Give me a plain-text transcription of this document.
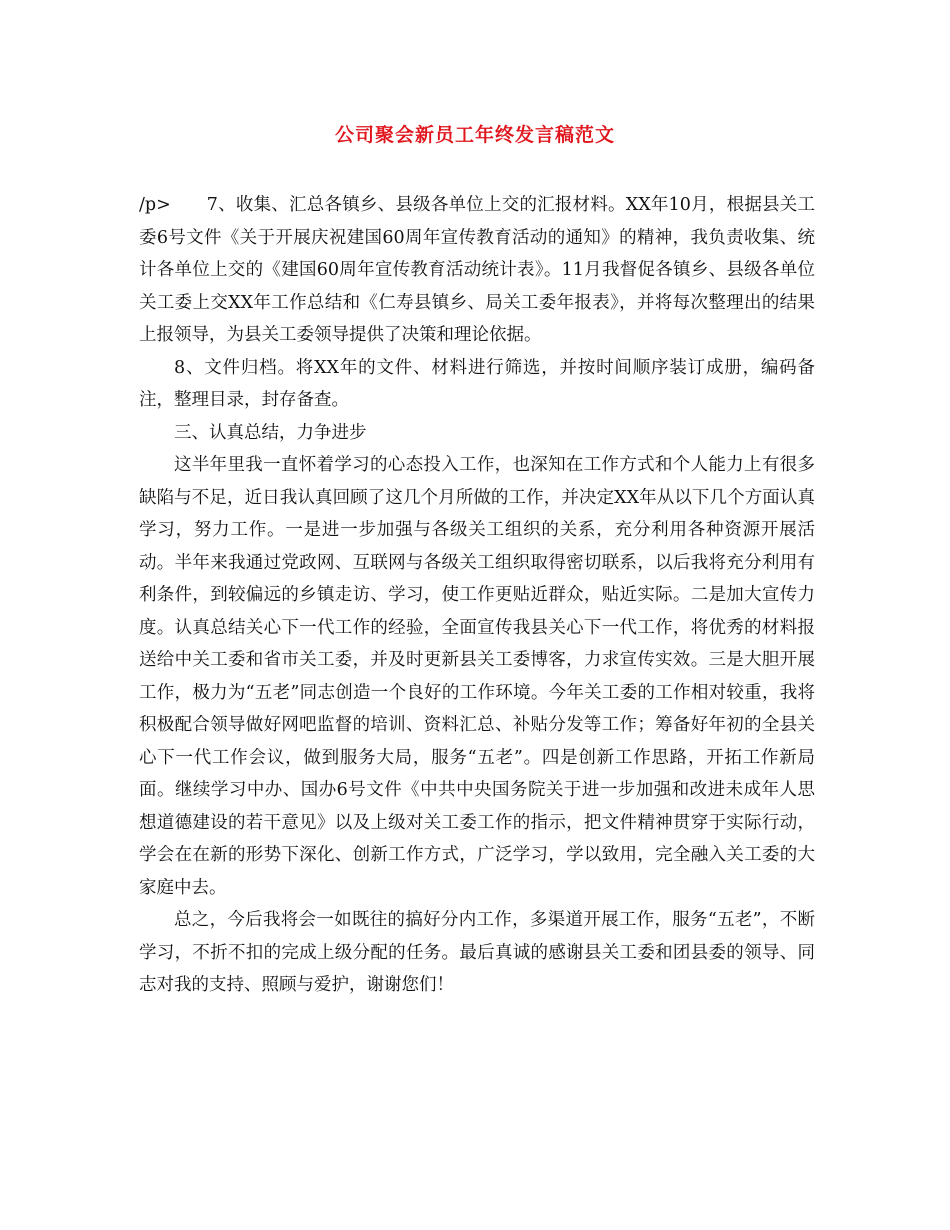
公司聚会新员工年终发言稿范文

/p> 7、收集、汇总各镇乡、县级各单位上交的汇报材料。XX年10月，根据县关工委6号文件《关于开展庆祝建国60周年宣传教育活动的通知》的精神，我负责收集、统计各单位上交的《建国60周年宣传教育活动统计表》。11月我督促各镇乡、县级各单位关工委上交XX年工作总结和《仁寿县镇乡、局关工委年报表》，并将每次整理出的结果上报领导，为县关工委领导提供了决策和理论依据。

8、文件归档。将XX年的文件、材料进行筛选，并按时间顺序装订成册，编码备注，整理目录，封存备查。

三、认真总结，力争进步

这半年里我一直怀着学习的心态投入工作，也深知在工作方式和个人能力上有很多缺陷与不足，近日我认真回顾了这几个月所做的工作，并决定XX年从以下几个方面认真学习，努力工作。一是进一步加强与各级关工组织的关系，充分利用各种资源开展活动。半年来我通过党政网、互联网与各级关工组织取得密切联系，以后我将充分利用有利条件，到较偏远的乡镇走访、学习，使工作更贴近群众，贴近实际。二是加大宣传力度。认真总结关心下一代工作的经验，全面宣传我县关心下一代工作，将优秀的材料报送给中关工委和省市关工委，并及时更新县关工委博客，力求宣传实效。三是大胆开展工作，极力为“五老”同志创造一个良好的工作环境。今年关工委的工作相对较重，我将积极配合领导做好网吧监督的培训、资料汇总、补贴分发等工作；筹备好年初的全县关心下一代工作会议，做到服务大局，服务“五老”。四是创新工作思路，开拓工作新局面。继续学习中办、国办6号文件《中共中央国务院关于进一步加强和改进未成年人思想道德建设的若干意见》以及上级对关工委工作的指示，把文件精神贯穿于实际行动，学会在在新的形势下深化、创新工作方式，广泛学习，学以致用，完全融入关工委的大家庭中去。

总之，今后我将会一如既往的搞好分内工作，多渠道开展工作，服务“五老”，不断学习，不折不扣的完成上级分配的任务。最后真诚的感谢县关工委和团县委的领导、同志对我的支持、照顾与爱护，谢谢您们！
